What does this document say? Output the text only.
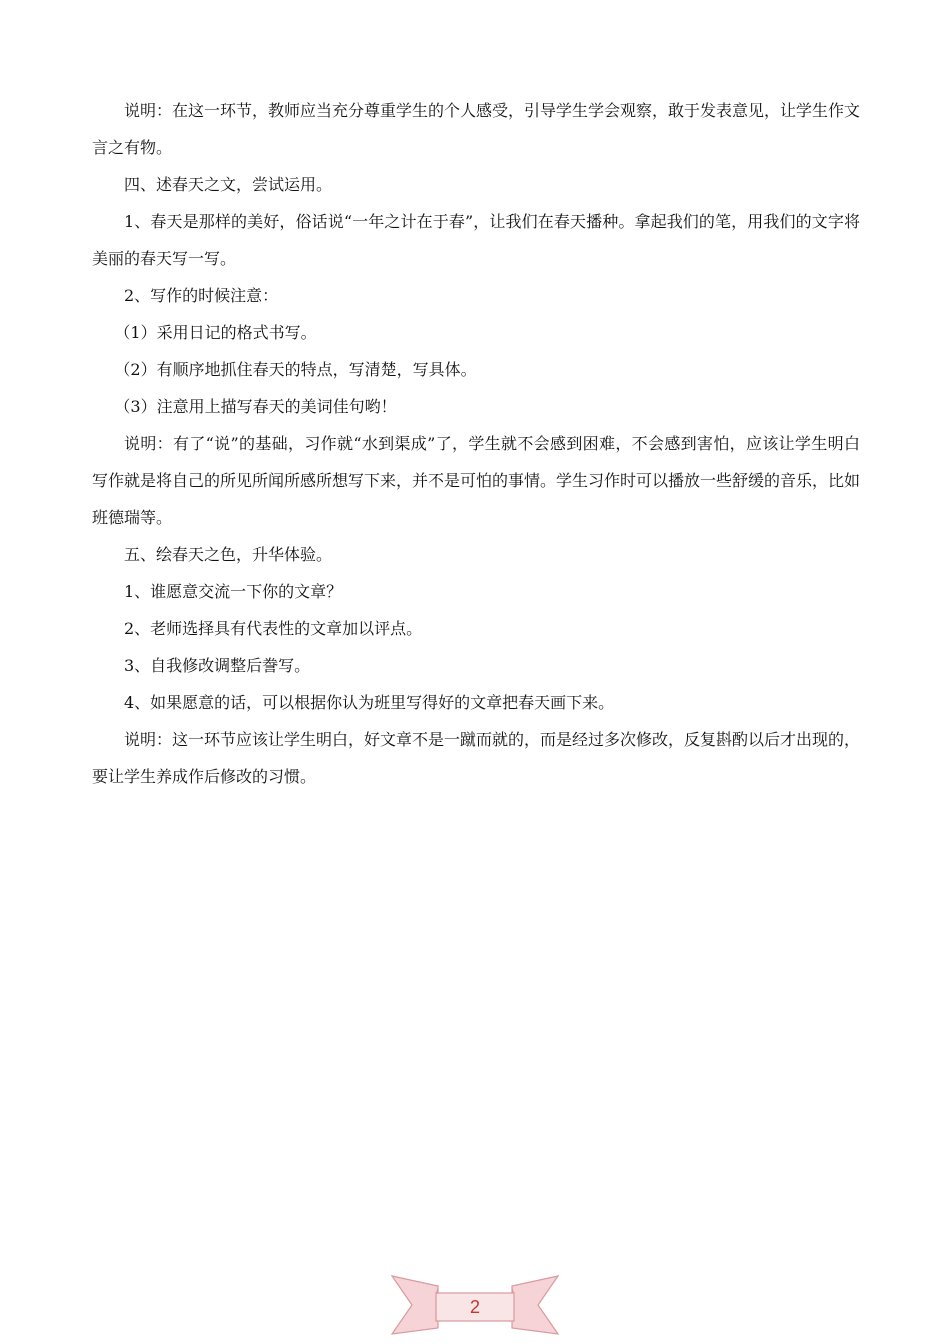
说明：在这一环节，教师应当充分尊重学生的个人感受，引导学生学会观察，敢于发表意见，让学生作文言之有物。

四、述春天之文，尝试运用。

1、春天是那样的美好，俗话说“一年之计在于春”，让我们在春天播种。拿起我们的笔，用我们的文字将美丽的春天写一写。

2、写作的时候注意：

（1）采用日记的格式书写。

（2）有顺序地抓住春天的特点，写清楚，写具体。

（3）注意用上描写春天的美词佳句哟！

说明：有了“说”的基础，习作就“水到渠成”了，学生就不会感到困难，不会感到害怕，应该让学生明白写作就是将自己的所见所闻所感所想写下来，并不是可怕的事情。学生习作时可以播放一些舒缓的音乐，比如班德瑞等。

五、绘春天之色，升华体验。

1、谁愿意交流一下你的文章？

2、老师选择具有代表性的文章加以评点。

3、自我修改调整后誊写。

4、如果愿意的话，可以根据你认为班里写得好的文章把春天画下来。

说明：这一环节应该让学生明白，好文章不是一蹴而就的，而是经过多次修改，反复斟酌以后才出现的，要让学生养成作后修改的习惯。

2
